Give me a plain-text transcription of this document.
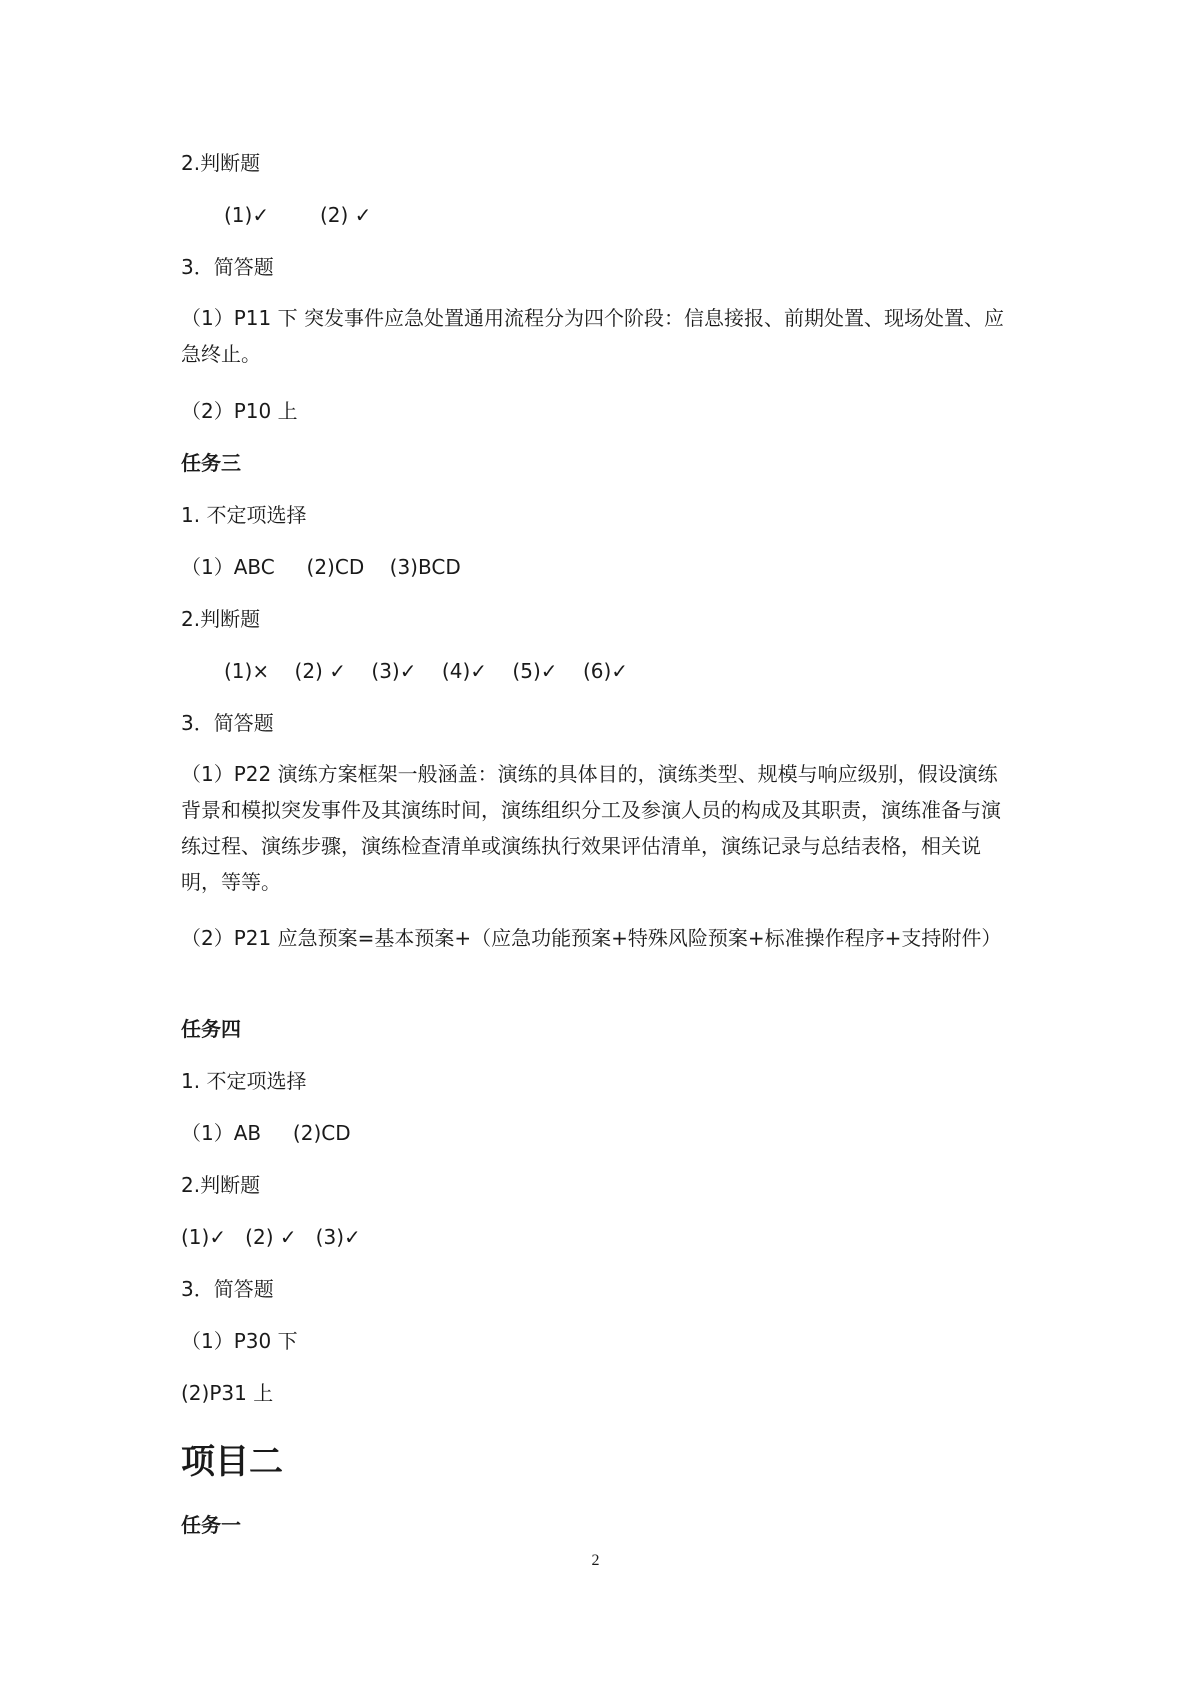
2.判断题
(1)✓        (2) ✓
3．简答题
（1）P11 下 突发事件应急处置通用流程分为四个阶段：信息接报、前期处置、现场处置、应急终止。
（2）P10 上
任务三
1. 不定项选择
（1）ABC     (2)CD    (3)BCD
2.判断题
(1)×    (2) ✓    (3)✓    (4)✓    (5)✓    (6)✓
3．简答题
（1）P22 演练方案框架一般涵盖：演练的具体目的，演练类型、规模与响应级别，假设演练背景和模拟突发事件及其演练时间，演练组织分工及参演人员的构成及其职责，演练准备与演练过程、演练步骤，演练检查清单或演练执行效果评估清单，演练记录与总结表格，相关说明，等等。
（2）P21 应急预案=基本预案+（应急功能预案+特殊风险预案+标准操作程序+支持附件）
任务四
1. 不定项选择
（1）AB     (2)CD
2.判断题
(1)✓   (2) ✓   (3)✓
3．简答题
（1）P30 下
(2)P31 上
项目二
任务一
2
